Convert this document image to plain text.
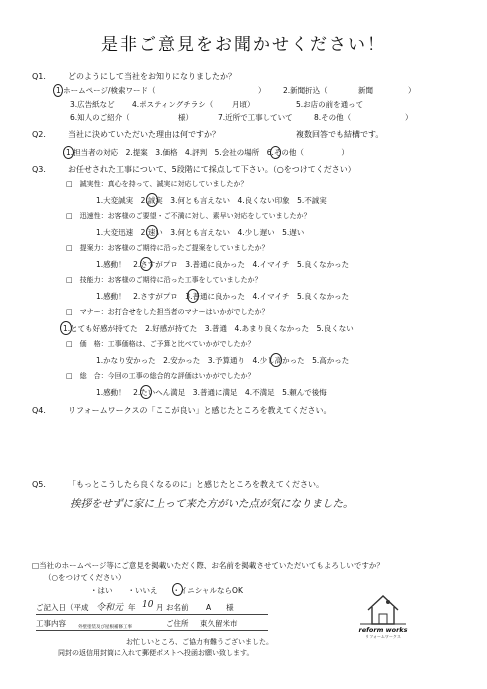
是非ご意見をお聞かせください！
Q1.	どのようにして当社をお知りになりましたか？
1.ホームページ/検索ワード（	） 2.新聞折込（	新聞	）
3.広告紙など 4.ポスティングチラシ（ 月頃）	5.お店の前を通って
6.知人のご紹介（	様）	7.近所で工事していて	8.その他（	）
Q2.	当社に決めていただいた理由は何ですか？	複数回答でも結構です。
1.担当者の対応　2.提案　3.価格　4.評判　5.会社の場所　6.その他（　　　　　）
Q3.	お任せされた工事について、5段階にて採点して下さい。（○をつけてください）
□　誠実性：真心を持って、誠実に対応していましたか？
1.大変誠実　2.誠実　3.何とも言えない　4.良くない印象　5.不誠実
□　迅速性：お客様のご要望・ご不満に対し、素早い対応をしていましたか？
1.大変迅速　2.速い　3.何とも言えない　4.少し遅い　5.遅い
□　提案力：お客様のご期待に沿ったご提案をしていましたか？
1.感動！　2.さすがプロ　3.普通に良かった　4.イマイチ　5.良くなかった
□　技能力：お客様のご期待に沿った工事をしていましたか？
1.感動！　2.さすがプロ　3.普通に良かった　4.イマイチ　5.良くなかった
□　マナー：お打合せをした担当者のマナーはいかがでしたか？
1.とても好感が持てた　2.好感が持てた　3.普通　4.あまり良くなかった　5.良くない
□　価　格：工事価格は、ご予算と比べていかがでしたか？
1.かなり安かった　2.安かった　3.予算通り　4.少し高かった　5.高かった
□　総　合：今回の工事の総合的な評価はいかがでしたか？
1.感動！　2.たいへん満足　3.普通に満足　4.不満足　5.頼んで後悔
Q4.	リフォームワークスの「ここが良い」と感じたところを教えてください。
Q5.	「もっとこうしたら良くなるのに」と感じたところを教えてください。
挨拶をせずに家に上って来た方がいた点が気になりました。
□当社のホームページ等にご意見を掲載いただく際、お名前を掲載させていただいてもよろしいですか？
（○をつけてください）
・はい　　・いいえ　　・イニシャルならOK
ご記入日（平成 令和元 年 10 月 お名前 A　　様
工事内容	外壁塗装及び屋根補修工事	ご住所 東久留米市
お忙しいところ、ご協力有難うございました。
同封の返信用封筒に入れて郵便ポストへ投函お願い致します。
reform works
リフォームワークス
